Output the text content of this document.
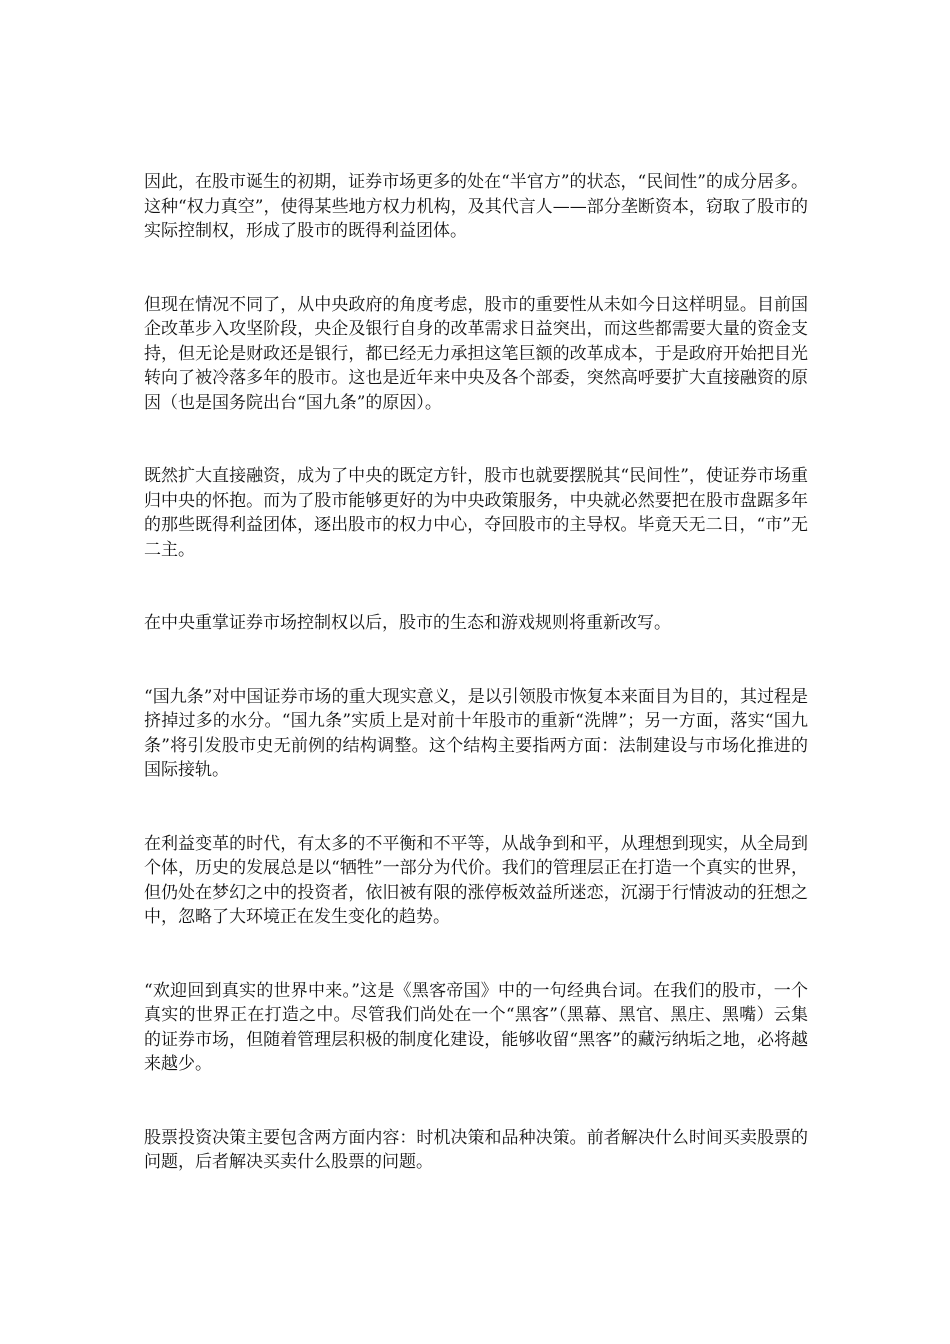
因此，在股市诞生的初期，证券市场更多的处在“半官方”的状态，“民间性”的成分居多。这种“权力真空”，使得某些地方权力机构，及其代言人——部分垄断资本，窃取了股市的实际控制权，形成了股市的既得利益团体。

但现在情况不同了，从中央政府的角度考虑，股市的重要性从未如今日这样明显。目前国企改革步入攻坚阶段，央企及银行自身的改革需求日益突出，而这些都需要大量的资金支持，但无论是财政还是银行，都已经无力承担这笔巨额的改革成本，于是政府开始把目光转向了被冷落多年的股市。这也是近年来中央及各个部委，突然高呼要扩大直接融资的原因（也是国务院出台“国九条”的原因）。

既然扩大直接融资，成为了中央的既定方针，股市也就要摆脱其“民间性”，使证券市场重归中央的怀抱。而为了股市能够更好的为中央政策服务，中央就必然要把在股市盘踞多年的那些既得利益团体，逐出股市的权力中心，夺回股市的主导权。毕竟天无二日，“市”无二主。

在中央重掌证券市场控制权以后，股市的生态和游戏规则将重新改写。

“国九条”对中国证券市场的重大现实意义，是以引领股市恢复本来面目为目的，其过程是挤掉过多的水分。“国九条”实质上是对前十年股市的重新“洗牌”；另一方面，落实“国九条”将引发股市史无前例的结构调整。这个结构主要指两方面：法制建设与市场化推进的国际接轨。

在利益变革的时代，有太多的不平衡和不平等，从战争到和平，从理想到现实，从全局到个体，历史的发展总是以“牺牲”一部分为代价。我们的管理层正在打造一个真实的世界，但仍处在梦幻之中的投资者，依旧被有限的涨停板效益所迷恋，沉溺于行情波动的狂想之中，忽略了大环境正在发生变化的趋势。

“欢迎回到真实的世界中来。”这是《黑客帝国》中的一句经典台词。在我们的股市，一个真实的世界正在打造之中。尽管我们尚处在一个“黑客”（黑幕、黑官、黑庄、黑嘴）云集的证券市场，但随着管理层积极的制度化建设，能够收留“黑客”的藏污纳垢之地，必将越来越少。

股票投资决策主要包含两方面内容：时机决策和品种决策。前者解决什么时间买卖股票的问题，后者解决买卖什么股票的问题。
